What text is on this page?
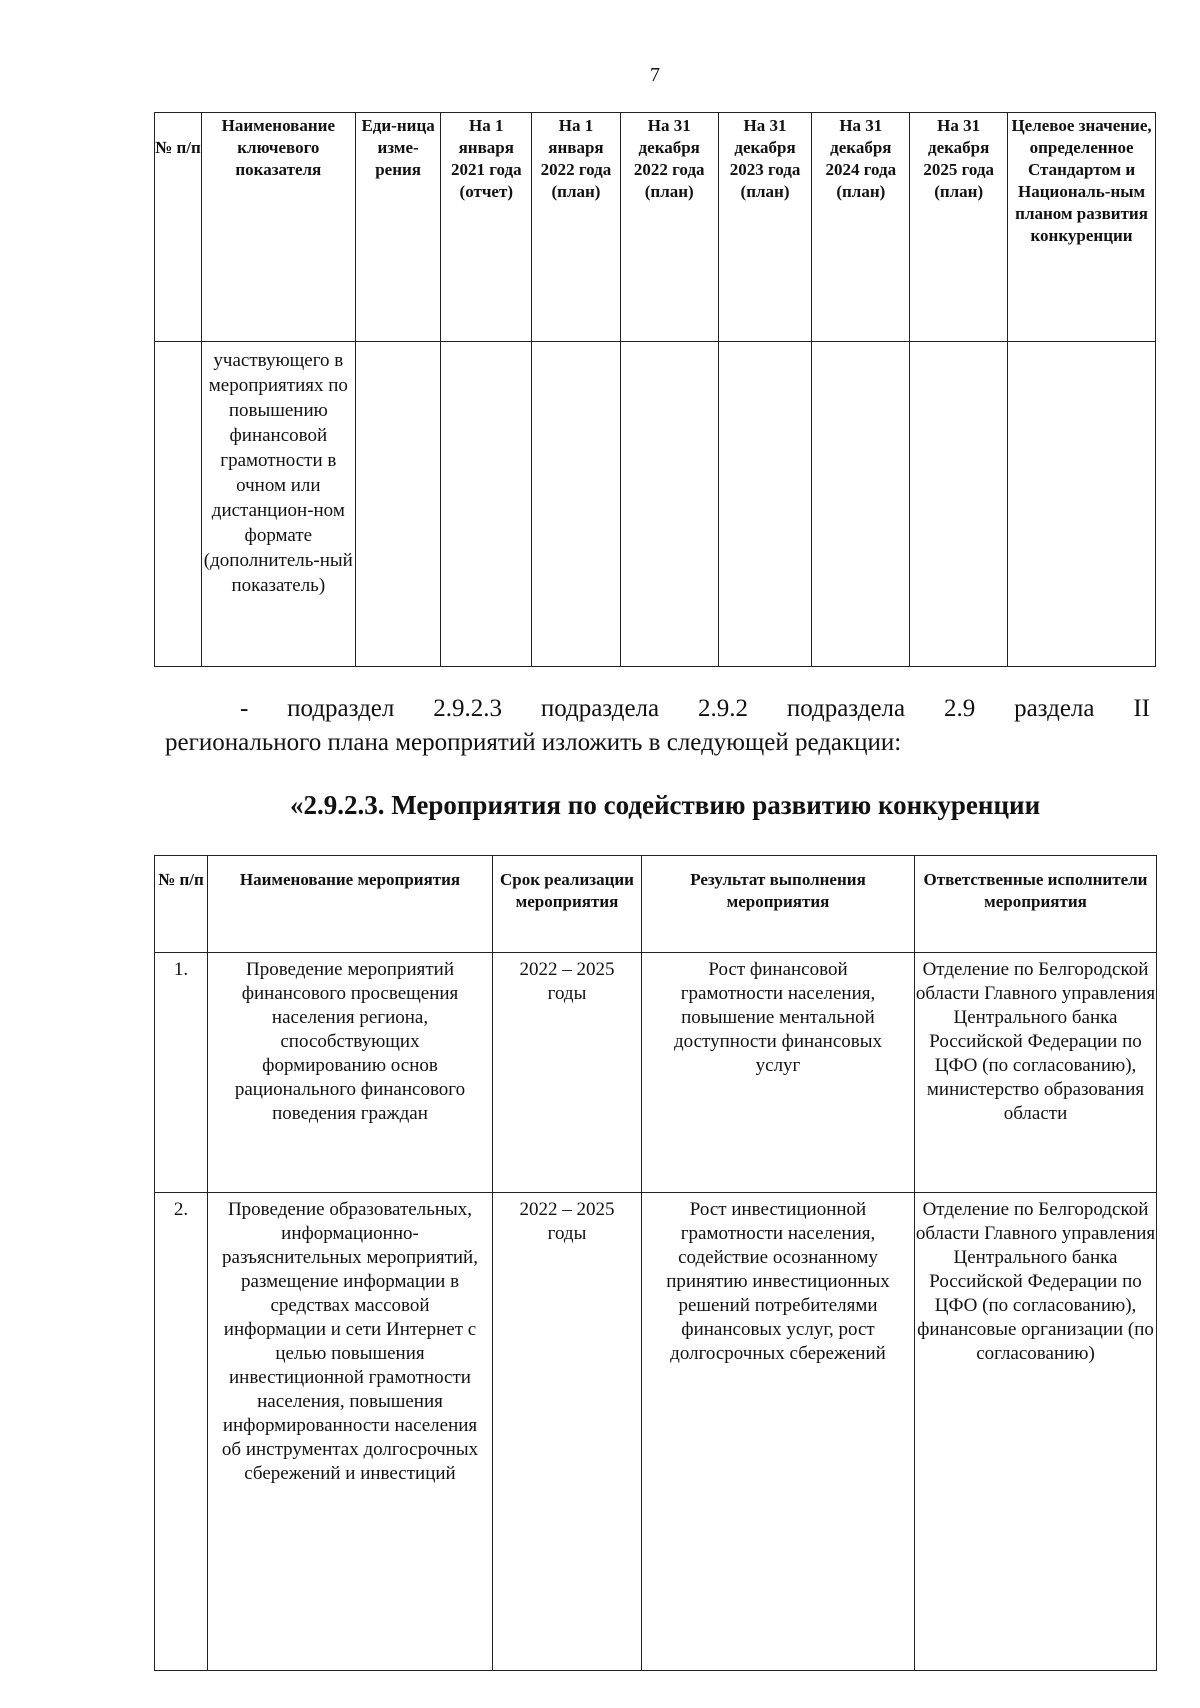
7
№ п/п	Наименование ключевого показателя	Еди-ница изме-рения	На 1 января 2021 года (отчет)	На 1 января 2022 года (план)	На 31 декабря 2022 года (план)	На 31 декабря 2023 года (план)	На 31 декабря 2024 года (план)	На 31 декабря 2025 года (план)	Целевое значение, определенное Стандартом и Националь-ным планом развития конкуренции
	участвующего в мероприятиях по повышению финансовой грамотности в очном или дистанцион-ном формате (дополнитель-ный показатель)								
- подраздел 2.9.2.3 подраздела 2.9.2 подраздела 2.9 раздела II
регионального плана мероприятий изложить в следующей редакции:
«2.9.2.3. Мероприятия по содействию развитию конкуренции
№ п/п	Наименование мероприятия	Срок реализации мероприятия	Результат выполнения мероприятия	Ответственные исполнители мероприятия
1.	Проведение мероприятий финансового просвещения населения региона, способствующих формированию основ рационального финансового поведения граждан	2022 – 2025 годы	Рост финансовой грамотности населения, повышение ментальной доступности финансовых услуг	Отделение по Белгородской области Главного управления Центрального банка Российской Федерации по ЦФО (по согласованию), министерство образования области
2.	Проведение образовательных, информационно-разъяснительных мероприятий, размещение информации в средствах массовой информации и сети Интернет с целью повышения инвестиционной грамотности населения, повышения информированности населения об инструментах долгосрочных сбережений и инвестиций	2022 – 2025 годы	Рост инвестиционной грамотности населения, содействие осознанному принятию инвестиционных решений потребителями финансовых услуг, рост долгосрочных сбережений	Отделение по Белгородской области Главного управления Центрального банка Российской Федерации по ЦФО (по согласованию), финансовые организации (по согласованию)
